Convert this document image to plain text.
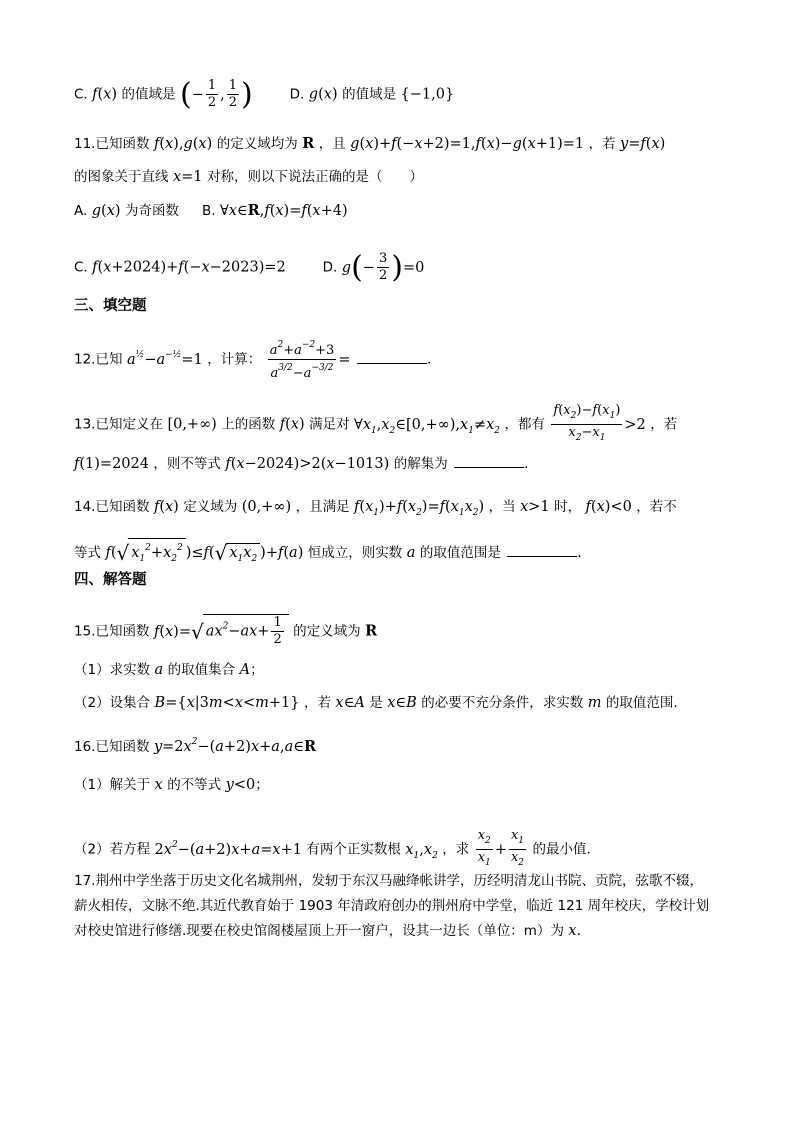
C. f(x) 的值域是 (− $\frac{1}{2}$ , $\frac{1}{2}$ )	D. g(x) 的值域是 {−1,0}
11.已知函数 f(x),g(x) 的定义域均为 R ，且 g(x)+f(−x+2)=1,f(x)−g(x+1)=1 ，若 y=f(x)
的图象关于直线 x=1 对称，则以下说法正确的是（　　）
A. g(x) 为奇函数 B. ∀x∈R,f(x)=f(x+4)
C. f(x+2024)+f(−x−2023)=2	D. $g(- \frac{3}{2} )=0$
三、填空题
12.已知 $a^{\frac{1}{2}}-a^{-\frac{1}{2}}=1$ ，计算： $\frac{a^2+a^{-2}+3}{a^{3/2}-a^{-3/2}}$ =	.
13.已知定义在 [0,+∞) 上的函数 f(x) 满足对 $\forall x_1,x_2\in[0,+\infty),x_1\ne x_2$ ，都有 $\frac{f(x_2)-f(x_1)}{x_2-x_1} >2$ ，若
f(1)=2024 ，则不等式 f(x−2024)>2(x−1013) 的解集为	.
14.已知函数 f(x) 定义域为 (0,+∞) ，且满足 $f(x_1)+f(x_2)=f(x_1x_2)$ ，当 x>1 时， f(x)<0 ，若不
等式 f(√ $x_1^2+x_2^2$ )≤f(√ $x_1x_2$ )+f(a) 恒成立，则实数 a 的取值范围是	.
四、解答题
15.已知函数 f(x)=√ $ax^2-ax+ \frac{1}{2}$ 的定义域为 R
（1）求实数 a 的取值集合 A；
（2）设集合 B={x|3m<x<m+1} ，若 x∈A 是 x∈B 的必要不充分条件，求实数 m 的取值范围.
16.已知函数 $y=2x^2-(a+2)x+a,a\in R$
（1）解关于 x 的不等式 y<0；
（2）若方程 $2x^2-(a+2)x+a=x+1$ 有两个正实数根 $x_1,x_2$ ，求 $\frac{x_2}{x_1} + \frac{x_1}{x_2}$ 的最小值.
17.荆州中学坐落于历史文化名城荆州，发轫于东汉马融绛帐讲学，历经明清龙山书院、贡院，弦歌不辍，
薪火相传，文脉不绝.其近代教育始于 1903 年清政府创办的荆州府中学堂，临近 121 周年校庆，学校计划
对校史馆进行修缮.现要在校史馆阁楼屋顶上开一窗户，设其一边长（单位：m）为 x.
